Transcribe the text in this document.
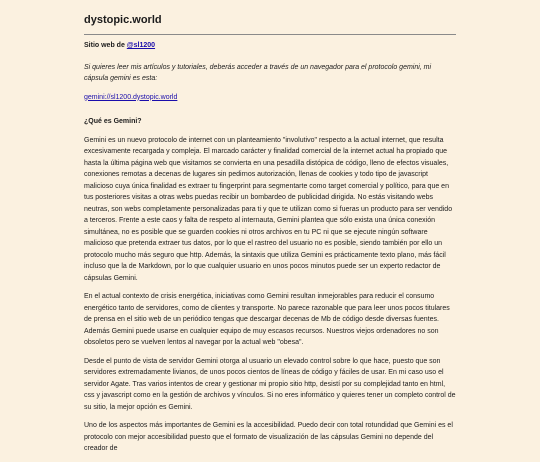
dystopic.world

Sitio web de @sl1200

Si quieres leer mis artículos y tutoriales, deberás acceder a través de un navegador para el protocolo gemini, mi cápsula gemini es esta:

gemini://sl1200.dystopic.world

¿Qué es Gemini?

Gemini es un nuevo protocolo de internet con un planteamiento "involutivo" respecto a la actual internet, que resulta excesivamente recargada y compleja. El marcado carácter y finalidad comercial de la internet actual ha propiado que hasta la última página web que visitamos se convierta en una pesadilla distópica de código, lleno de efectos visuales, conexiones remotas a decenas de lugares sin pedirnos autorización, llenas de cookies y todo tipo de javascript malicioso cuya única finalidad es extraer tu fingerprint para segmentarte como target comercial y político, para que en tus posteriores visitas a otras webs puedas recibir un bombardeo de publicidad dirigida. No estás visitando webs neutras, son webs completamente personalizadas para ti y que te utilizan como si fueras un producto para ser vendido a terceros. Frente a este caos y falta de respeto al internauta, Gemini plantea que sólo exista una única conexión simultánea, no es posible que se guarden cookies ni otros archivos en tu PC ni que se ejecute ningún software malicioso que pretenda extraer tus datos, por lo que el rastreo del usuario no es posible, siendo también por ello un protocolo mucho más seguro que http. Además, la sintaxis que utiliza Gemini es prácticamente texto plano, más fácil incluso que la de Markdown, por lo que cualquier usuario en unos pocos minutos puede ser un experto redactor de cápsulas Gemini.

En el actual contexto de crisis energética, iniciativas como Gemini resultan inmejorables para reducir el consumo energético tanto de servidores, como de clientes y transporte. No parece razonable que para leer unos pocos titulares de prensa en el sitio web de un periódico tengas que descargar decenas de Mb de código desde diversas fuentes. Además Gemini puede usarse en cualquier equipo de muy escasos recursos. Nuestros viejos ordenadores no son obsoletos pero se vuelven lentos al navegar por la actual web "obesa".

Desde el punto de vista de servidor Gemini otorga al usuario un elevado control sobre lo que hace, puesto que son servidores extremadamente livianos, de unos pocos cientos de líneas de código y fáciles de usar. En mi caso uso el servidor Agate. Tras varios intentos de crear y gestionar mi propio sitio http, desistí por su complejidad tanto en html, css y javascript como en la gestión de archivos y vínculos. Si no eres informático y quieres tener un completo control de su sitio, la mejor opción es Gemini.

Uno de los aspectos más importantes de Gemini es la accesibilidad. Puedo decir con total rotundidad que Gemini es el protocolo con mejor accesibilidad puesto que el formato de visualización de las cápsulas Gemini no depende del creador de
